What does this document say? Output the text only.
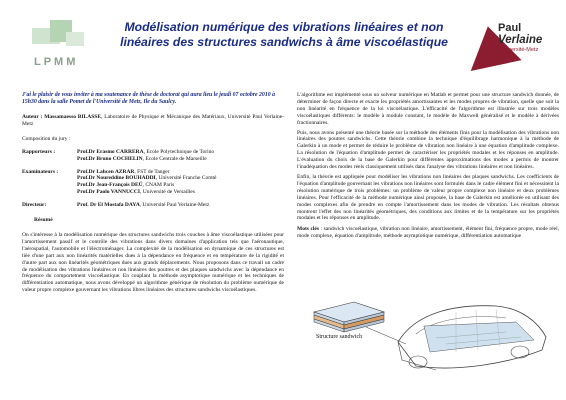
LPMM
Modélisation numérique des vibrations linéaires et non linéaires des structures sandwichs à âme viscoélastique
Paul
Verlaine
Université-Metz
J'ai le plaisir de vous inviter à ma soutenance de thèse de doctorat qui aura lieu le jeudi 07 octobre 2010 à 15h30 dans la salle Pomet de l'Université de Metz, Ile du Saulcy.
Auteur : Massamaesso BILASSE, Laboratoire de Physique et Mécanique des Matériaux, Université Paul Verlaine-Metz
Composition du jury :
Rapporteurs :	Prof.Dr Erasmo CARRERA, Ecole Polytechnique de Torino
Prof.Dr Bruno COCHELIN, Ecole Centrale de Marseille
Examinateurs :	Prof.Dr Lahcen AZRAR, FST de Tanger
Prof.Dr Noureddine BOUHADDI, Université Franche Comté
Prof.Dr Jean-François DEÜ, CNAM Paris
Prof.Dr Paolo VANNUCCI, Université de Versailles
Directeur:	Prof. Dr El Mostafa DAYA, Université Paul Verlaine-Metz
Résumé
On s'intéresse à la modélisation numérique des structures sandwichs trois couches à âme viscoélastique utilisées pour l'amortissement passif et le contrôle des vibrations dans divers domaines d'application tels que l'aéronautique, l'aérospatial, l'automobile et l'électroménager. La complexité de la modélisation en dynamique de ces structures est liée d'une part aux non linéarités matérielles dues à la dépendance en fréquence et en température de la rigidité et d'autre part aux non linéarités géométriques dues aux grands déplacements. Nous proposons dans ce travail un cadre de modélisation des vibrations linéaires et non linéaires des poutres et des plaques sandwichs avec la dépendance en fréquence du comportement viscoélastique. En couplant la méthode asymptotique numérique et les techniques de différentiation automatique, nous avons développé un algorithme générique de résolution du problème numérique de valeur propre complexe gouvernant les vibrations libres linéaires des structures sandwichs viscoélastiques.
L'algorithme est implémenté sous un solveur numérique en Matlab et permet pour une structure sandwich donnée, de déterminer de façon directe et exacte les propriétés amortissantes et les modes propres de vibration, quelle que soit la non linéarité en fréquence de la loi viscoélastique. L'efficacité de l'algorithme est illustrée sur trois modèles viscoélastiques différents: le modèle à module constant, le modèle de Maxwell généralisé et le modèle à dérivées fractionnaires.
Puis, nous avons présenté une théorie basée sur la méthode des éléments finis pour la modélisation des vibrations non linéaires des poutres sandwichs. Cette théorie combine la technique d'équilibrage harmonique à la méthode de Galerkin à un mode et permet de réduire le problème de vibration non linéaire à une équation d'amplitude complexe. La résolution de l'équation d'amplitude permet de caractériser les propriétés modales et les réponses en amplitude. L'évaluation du choix de la base de Galerkin pour différentes approximations des modes a permis de montrer l'inadéquation des modes réels classiquement utilisés dans l'analyse des vibrations linéaires et non linéaires.
Enfin, la théorie est appliquée pour modéliser les vibrations non linéaires des plaques sandwichs. Les coefficients de l'équation d'amplitude gouvernant les vibrations non linéaires sont formulés dans le cadre élément fini et nécessitent la résolution numérique de trois problèmes: un problème de valeur propre complexe non linéaire et deux problèmes linéaires. Pour l'efficacité de la méthode numérique ainsi proposée, la base de Galerkin est améliorée en utilisant des modes complexes afin de prendre en compte l'amortissement dans les modes de vibration. Les résultats obtenus montrent l'effet des non linéarités géométriques, des conditions aux limites et de la température sur les propriétés modales et les réponses en amplitude.
Mots clés : sandwich viscoélastique, vibration non linéaire, amortissement, élément fini, fréquence propre, mode réel, mode complexe, équation d'amplitude, méthode asymptotique numérique, différentiation automatique
Structure sandwich
